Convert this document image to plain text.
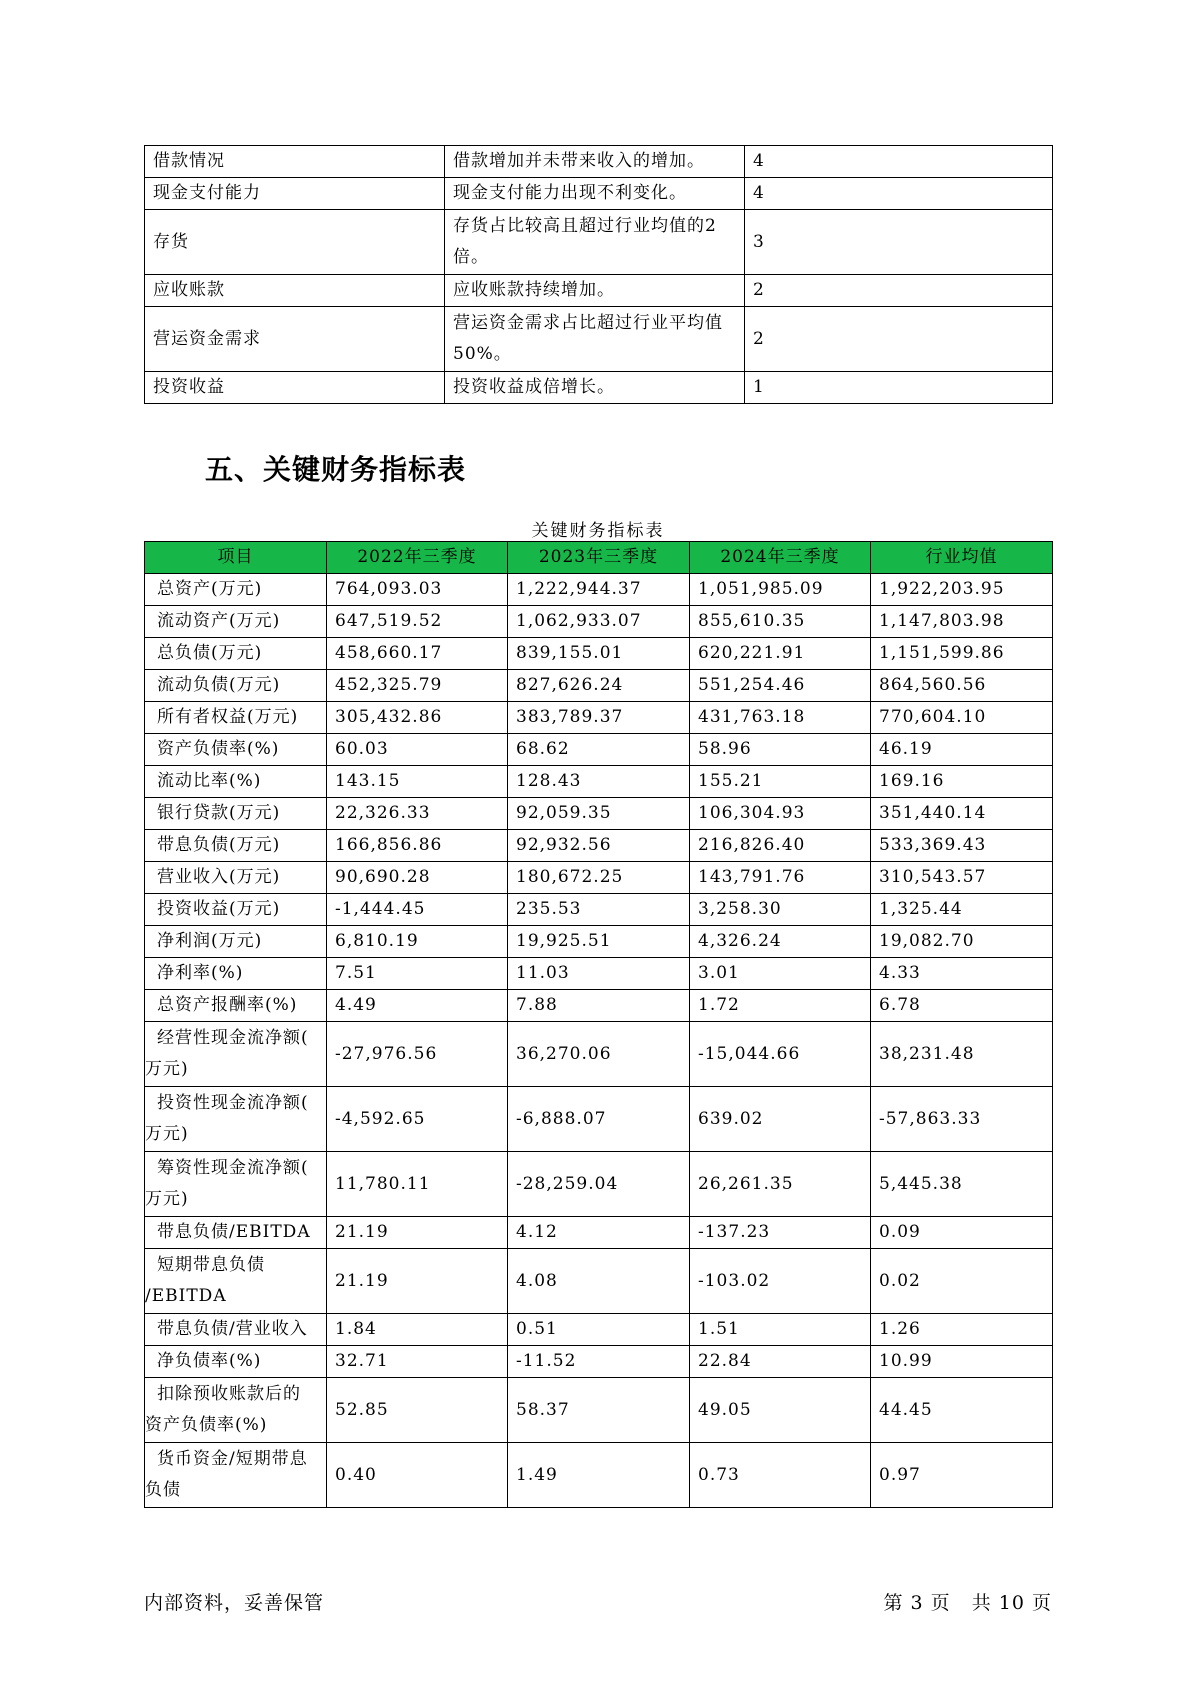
借款情况	借款增加并未带来收入的增加。	4
现金支付能力	现金支付能力出现不利变化。	4
存货	存货占比较高且超过行业均值的2倍。	3
应收账款	应收账款持续增加。	2
营运资金需求	营运资金需求占比超过行业平均值50%。	2
投资收益	投资收益成倍增长。	1
五、关键财务指标表
关键财务指标表
项目	2022年三季度	2023年三季度	2024年三季度	行业均值
总资产(万元)	764,093.03	1,222,944.37	1,051,985.09	1,922,203.95
流动资产(万元)	647,519.52	1,062,933.07	855,610.35	1,147,803.98
总负债(万元)	458,660.17	839,155.01	620,221.91	1,151,599.86
流动负债(万元)	452,325.79	827,626.24	551,254.46	864,560.56
所有者权益(万元)	305,432.86	383,789.37	431,763.18	770,604.10
资产负债率(%)	60.03	68.62	58.96	46.19
流动比率(%)	143.15	128.43	155.21	169.16
银行贷款(万元)	22,326.33	92,059.35	106,304.93	351,440.14
带息负债(万元)	166,856.86	92,932.56	216,826.40	533,369.43
营业收入(万元)	90,690.28	180,672.25	143,791.76	310,543.57
投资收益(万元)	-1,444.45	235.53	3,258.30	1,325.44
净利润(万元)	6,810.19	19,925.51	4,326.24	19,082.70
净利率(%)	7.51	11.03	3.01	4.33
总资产报酬率(%)	4.49	7.88	1.72	6.78

经营性现金流净额(
万元)	-27,976.56	36,270.06	-15,044.66	38,231.48

投资性现金流净额(
万元)	-4,592.65	-6,888.07	639.02	-57,863.33

筹资性现金流净额(
万元)	11,780.11	-28,259.04	26,261.35	5,445.38
带息负债/EBITDA	21.19	4.12	-137.23	0.09

短期带息负债
/EBITDA	21.19	4.08	-103.02	0.02
带息负债/营业收入	1.84	0.51	1.51	1.26
净负债率(%)	32.71	-11.52	22.84	10.99

扣除预收账款后的
资产负债率(%)	52.85	58.37	49.05	44.45

货币资金/短期带息
负债	0.40	1.49	0.73	0.97
内部资料，妥善保管	第 3 页   共 10 页
